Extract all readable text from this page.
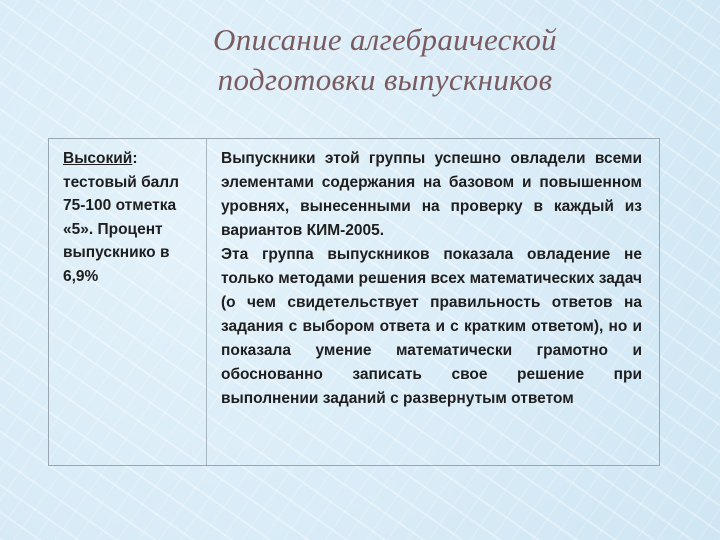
Описание алгебраической
подготовки выпускников
Высокий: тестовый балл 75-100 отметка «5». Процент выпускнико в 6,9%

Выпускники этой группы успешно овладели всеми элементами содержания на базовом и повышенном уровнях, вынесенными на проверку в каждый из вариантов КИМ-2005.

Эта группа выпускников показала овладение не только методами решения всех математических задач (о чем свидетельствует правильность ответов на задания с выбором ответа и с кратким ответом), но и показала умение математически грамотно и обоснованно записать свое решение при выполнении заданий с развернутым ответом
